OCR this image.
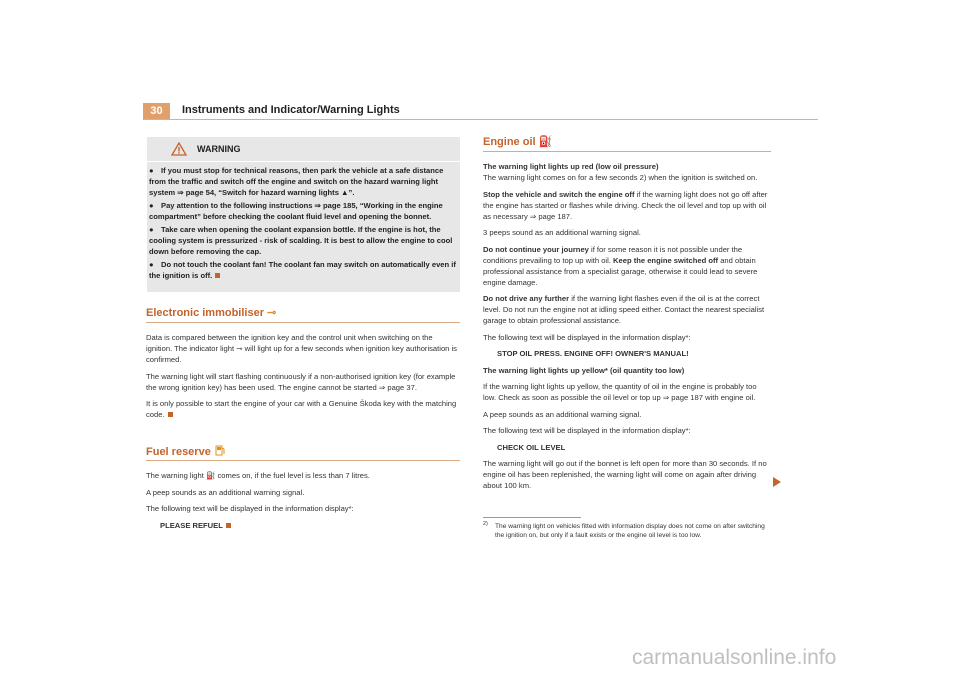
30	Instruments and Indicator/Warning Lights
WARNING
● If you must stop for technical reasons, then park the vehicle at a safe distance from the traffic and switch off the engine and switch on the hazard warning light system ⇒ page 54, “Switch for hazard warning lights ▲”.
● Pay attention to the following instructions ⇒ page 185, “Working in the engine compartment” before checking the coolant fluid level and opening the bonnet.
● Take care when opening the coolant expansion bottle. If the engine is hot, the cooling system is pressurized - risk of scalding. It is best to allow the engine to cool down before removing the cap.
● Do not touch the coolant fan! The coolant fan may switch on automatically even if the ignition is off.
Electronic immobiliser ⊸

Data is compared between the ignition key and the control unit when switching on the ignition. The indicator light ⊸ will light up for a few seconds when ignition key authorisation is confirmed.

The warning light will start flashing continuously if a non-authorised ignition key (for example the wrong ignition key) has been used. The engine cannot be started ⇒ page 37.

It is only possible to start the engine of your car with a Genuine Škoda key with the matching code.

Fuel reserve

The warning light ⛽ comes on, if the fuel level is less than 7 litres.

A peep sounds as an additional warning signal.

The following text will be displayed in the information display*:

PLEASE REFUEL

Engine oil ⛽

The warning light lights up red (low oil pressure)

The warning light comes on for a few seconds 2) when the ignition is switched on.

Stop the vehicle and switch the engine off if the warning light does not go off after the engine has started or flashes while driving. Check the oil level and top up with oil as necessary ⇒ page 187.

3 peeps sound as an additional warning signal.

Do not continue your journey if for some reason it is not possible under the conditions prevailing to top up with oil. Keep the engine switched off and obtain professional assistance from a specialist garage, otherwise it could lead to severe engine damage.

Do not drive any further if the warning light flashes even if the oil is at the correct level. Do not run the engine not at idling speed either. Contact the nearest specialist garage to obtain professional assistance.

The following text will be displayed in the information display*:

STOP OIL PRESS. ENGINE OFF! OWNER'S MANUAL!

The warning light lights up yellow* (oil quantity too low)

If the warning light lights up yellow, the quantity of oil in the engine is probably too low. Check as soon as possible the oil level or top up ⇒ page 187 with engine oil.

A peep sounds as an additional warning signal.

The following text will be displayed in the information display*:

CHECK OIL LEVEL

The warning light will go out if the bonnet is left open for more than 30 seconds. If no engine oil has been replenished, the warning light will come on again after driving about 100 km.

2)	The warning light on vehicles fitted with information display does not come on after switching the ignition on, but only if a fault exists or the engine oil level is too low.
carmanualsonline.info
